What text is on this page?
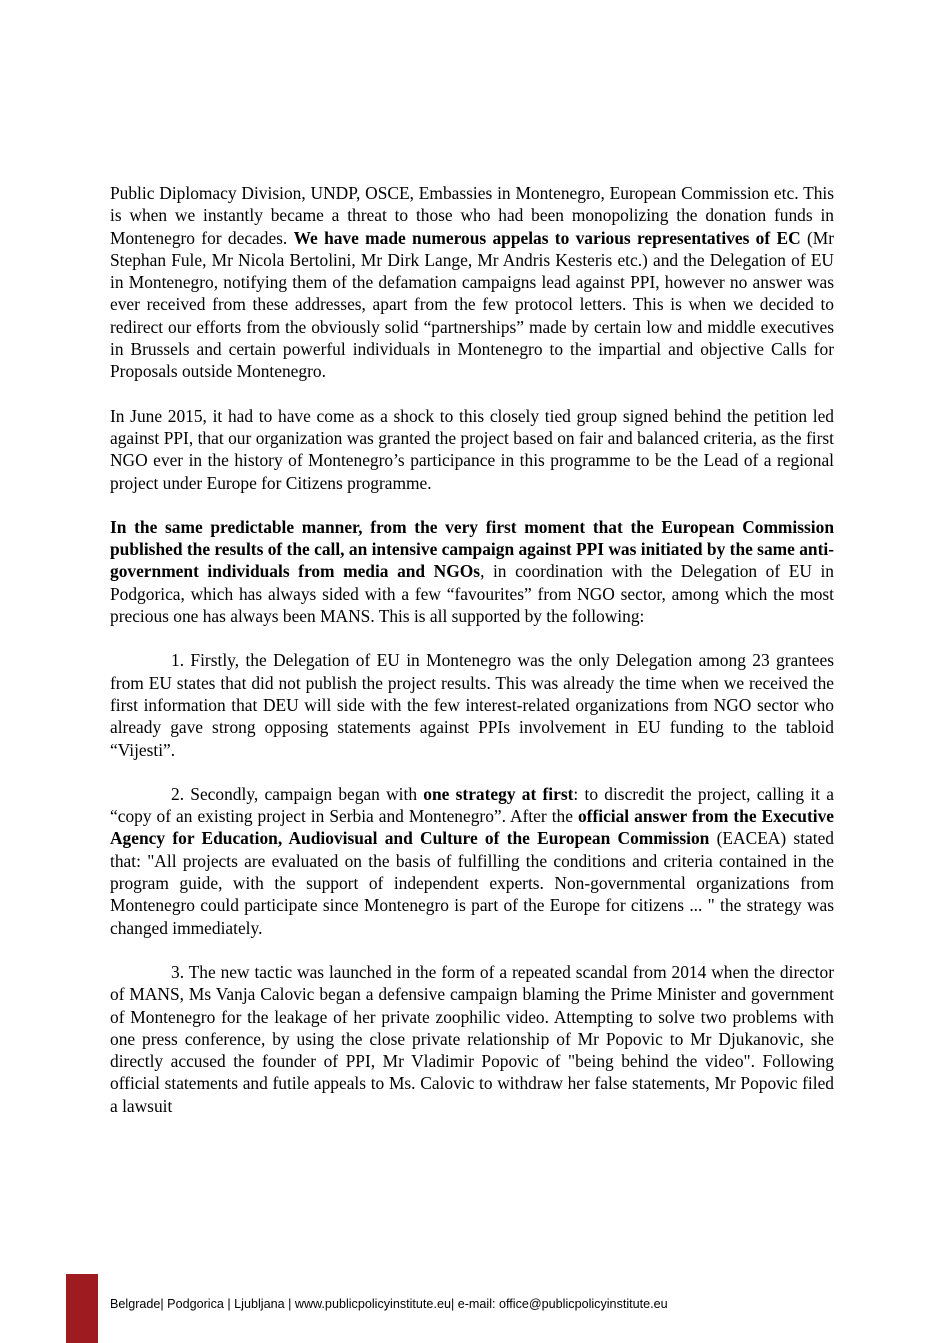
Public Diplomacy Division, UNDP, OSCE, Embassies in Montenegro, European Commission etc. This is when we instantly became a threat to those who had been monopolizing the donation funds in Montenegro for decades. We have made numerous appelas to various representatives of EC (Mr Stephan Fule, Mr Nicola Bertolini, Mr Dirk Lange, Mr Andris Kesteris etc.) and the Delegation of EU in Montenegro, notifying them of the defamation campaigns lead against PPI, however no answer was ever received from these addresses, apart from the few protocol letters. This is when we decided to redirect our efforts from the obviously solid “partnerships” made by certain low and middle executives in Brussels and certain powerful individuals in Montenegro to the impartial and objective Calls for Proposals outside Montenegro.

In June 2015, it had to have come as a shock to this closely tied group signed behind the petition led against PPI, that our organization was granted the project based on fair and balanced criteria, as the first NGO ever in the history of Montenegro’s participance in this programme to be the Lead of a regional project under Europe for Citizens programme.

In the same predictable manner, from the very first moment that the European Commission published the results of the call, an intensive campaign against PPI was initiated by the same anti-government individuals from media and NGOs, in coordination with the Delegation of EU in Podgorica, which has always sided with a few “favourites” from NGO sector, among which the most precious one has always been MANS. This is all supported by the following:

1. Firstly, the Delegation of EU in Montenegro was the only Delegation among 23 grantees from EU states that did not publish the project results. This was already the time when we received the first information that DEU will side with the few interest-related organizations from NGO sector who already gave strong opposing statements against PPIs involvement in EU funding to the tabloid “Vijesti”.

2. Secondly, campaign began with one strategy at first: to discredit the project, calling it a “copy of an existing project in Serbia and Montenegro”. After the official answer from the Executive Agency for Education, Audiovisual and Culture of the European Commission (EACEA) stated that: "All projects are evaluated on the basis of fulfilling the conditions and criteria contained in the program guide, with the support of independent experts. Non-governmental organizations from Montenegro could participate since Montenegro is part of the Europe for citizens ... " the strategy was changed immediately.

3. The new tactic was launched in the form of a repeated scandal from 2014 when the director of MANS, Ms Vanja Calovic began a defensive campaign blaming the Prime Minister and government of Montenegro for the leakage of her private zoophilic video. Attempting to solve two problems with one press conference, by using the close private relationship of Mr Popovic to Mr Djukanovic, she directly accused the founder of PPI, Mr Vladimir Popovic of "being behind the video". Following official statements and futile appeals to Ms. Calovic to withdraw her false statements, Mr Popovic filed a lawsuit

Belgrade| Podgorica | Ljubljana | www.publicpolicyinstitute.eu| e-mail: office@publicpolicyinstitute.eu
